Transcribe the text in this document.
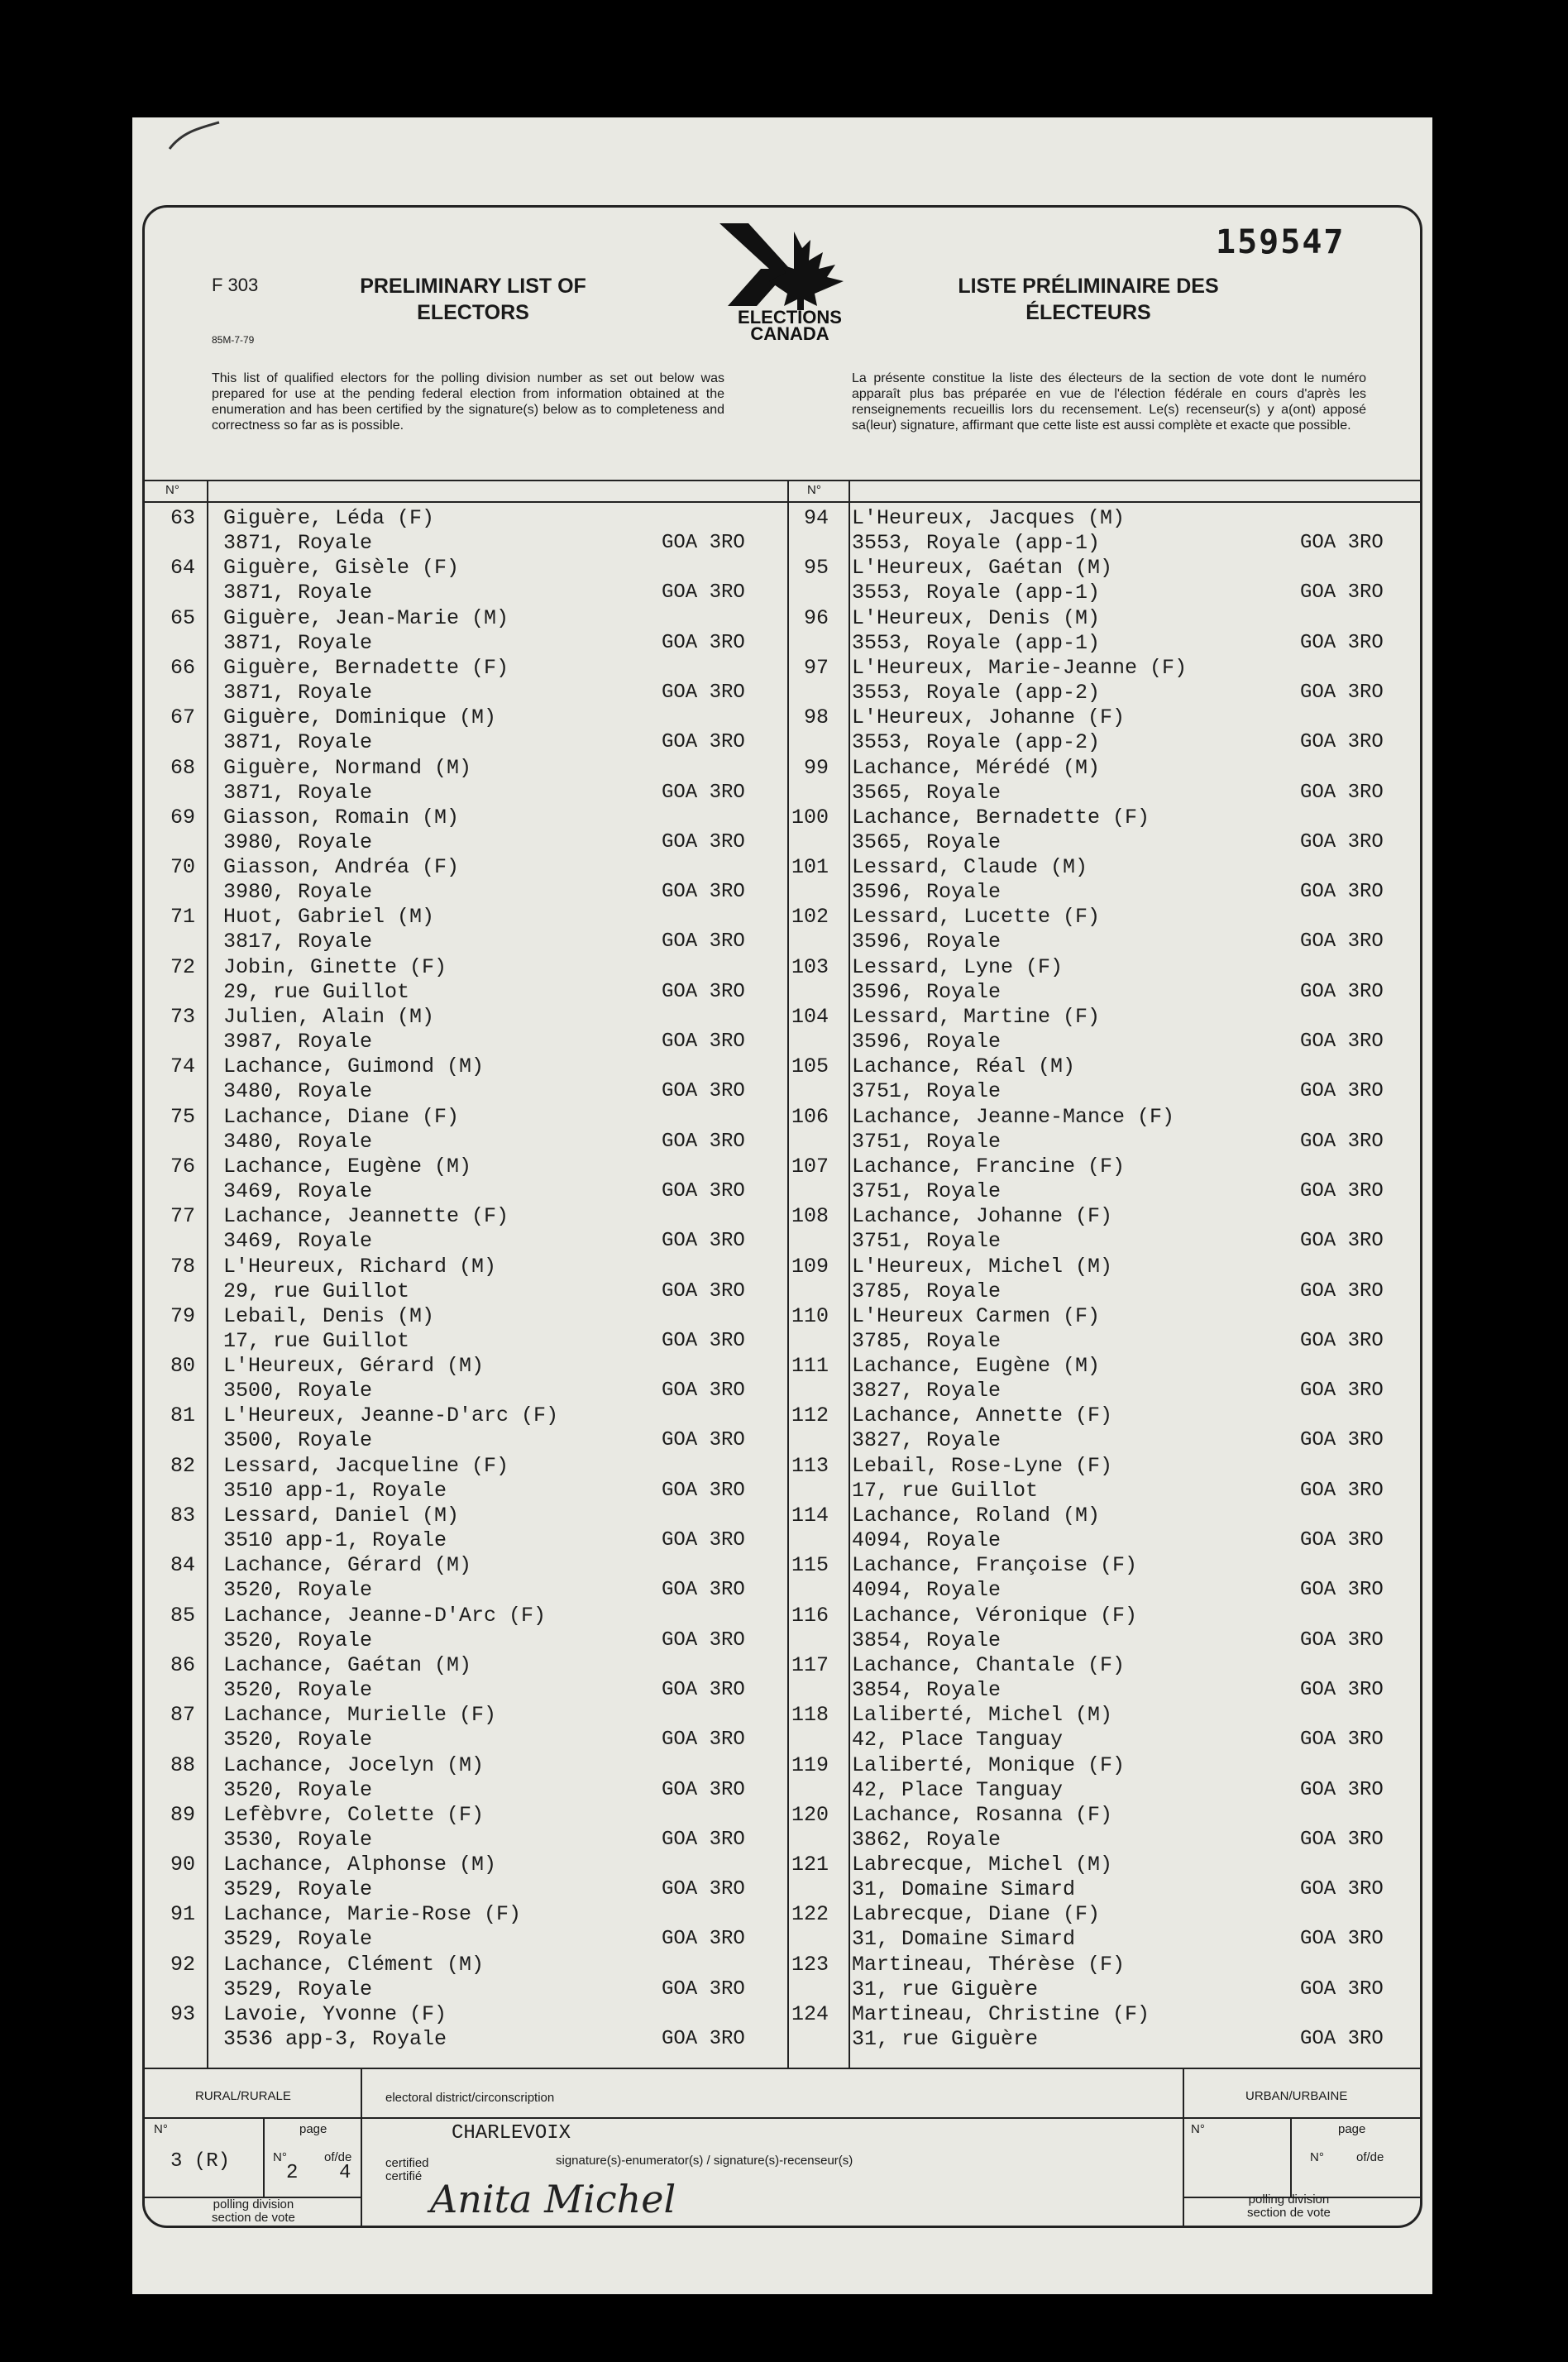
F 303
85M-7-79
PRELIMINARY LIST OF
ELECTORS
LISTE PRÉLIMINAIRE DES
ÉLECTEURS
159547
ELECTIONS
CANADA
This list of qualified electors for the polling division number as set out below was prepared for use at the pending federal election from information obtained at the enumeration and has been certified by the signature(s) below as to completeness and correctness so far as is possible.
La présente constitue la liste des électeurs de la section de vote dont le numéro apparaît plus bas préparée en vue de l'élection fédérale en cours d'après les renseignements recueillis lors du recensement. Le(s) recenseur(s) y a(ont) apposé sa(leur) signature, affirmant que cette liste est aussi complète et exacte que possible.
N°	N°
63 Giguère, Léda (F)
3871, Royale	GOA 3RO
64 Giguère, Gisèle (F)
3871, Royale	GOA 3RO
65 Giguère, Jean-Marie (M)
3871, Royale	GOA 3RO
66 Giguère, Bernadette (F)
3871, Royale	GOA 3RO
67 Giguère, Dominique (M)
3871, Royale	GOA 3RO
68 Giguère, Normand (M)
3871, Royale	GOA 3RO
69 Giasson, Romain (M)
3980, Royale	GOA 3RO
70 Giasson, Andréa (F)
3980, Royale	GOA 3RO
71 Huot, Gabriel (M)
3817, Royale	GOA 3RO
72 Jobin, Ginette (F)
29, rue Guillot	GOA 3RO
73 Julien, Alain (M)
3987, Royale	GOA 3RO
74 Lachance, Guimond (M)
3480, Royale	GOA 3RO
75 Lachance, Diane (F)
3480, Royale	GOA 3RO
76 Lachance, Eugène (M)
3469, Royale	GOA 3RO
77 Lachance, Jeannette (F)
3469, Royale	GOA 3RO
78 L'Heureux, Richard (M)
29, rue Guillot	GOA 3RO
79 Lebail, Denis (M)
17, rue Guillot	GOA 3RO
80 L'Heureux, Gérard (M)
3500, Royale	GOA 3RO
81 L'Heureux, Jeanne-D'arc (F)
3500, Royale	GOA 3RO
82 Lessard, Jacqueline (F)
3510 app-1, Royale	GOA 3RO
83 Lessard, Daniel (M)
3510 app-1, Royale	GOA 3RO
84 Lachance, Gérard (M)
3520, Royale	GOA 3RO
85 Lachance, Jeanne-D'Arc (F)
3520, Royale	GOA 3RO
86 Lachance, Gaétan (M)
3520, Royale	GOA 3RO
87 Lachance, Murielle (F)
3520, Royale	GOA 3RO
88 Lachance, Jocelyn (M)
3520, Royale	GOA 3RO
89 Lefèbvre, Colette (F)
3530, Royale	GOA 3RO
90 Lachance, Alphonse (M)
3529, Royale	GOA 3RO
91 Lachance, Marie-Rose (F)
3529, Royale	GOA 3RO
92 Lachance, Clément (M)
3529, Royale	GOA 3RO
93 Lavoie, Yvonne (F)
3536 app-3, Royale	GOA 3RO
94 L'Heureux, Jacques (M)
3553, Royale (app-1)	GOA 3RO
95 L'Heureux, Gaétan (M)
3553, Royale (app-1)	GOA 3RO
96 L'Heureux, Denis (M)
3553, Royale (app-1)	GOA 3RO
97 L'Heureux, Marie-Jeanne (F)
3553, Royale (app-2)	GOA 3RO
98 L'Heureux, Johanne (F)
3553, Royale (app-2)	GOA 3RO
99 Lachance, Mérédé (M)
3565, Royale	GOA 3RO
100 Lachance, Bernadette (F)
3565, Royale	GOA 3RO
101 Lessard, Claude (M)
3596, Royale	GOA 3RO
102 Lessard, Lucette (F)
3596, Royale	GOA 3RO
103 Lessard, Lyne (F)
3596, Royale	GOA 3RO
104 Lessard, Martine (F)
3596, Royale	GOA 3RO
105 Lachance, Réal (M)
3751, Royale	GOA 3RO
106 Lachance, Jeanne-Mance (F)
3751, Royale	GOA 3RO
107 Lachance, Francine (F)
3751, Royale	GOA 3RO
108 Lachance, Johanne (F)
3751, Royale	GOA 3RO
109 L'Heureux, Michel (M)
3785, Royale	GOA 3RO
110 L'Heureux Carmen (F)
3785, Royale	GOA 3RO
111 Lachance, Eugène (M)
3827, Royale	GOA 3RO
112 Lachance, Annette (F)
3827, Royale	GOA 3RO
113 Lebail, Rose-Lyne (F)
17, rue Guillot	GOA 3RO
114 Lachance, Roland (M)
4094, Royale	GOA 3RO
115 Lachance, Françoise (F)
4094, Royale	GOA 3RO
116 Lachance, Véronique (F)
3854, Royale	GOA 3RO
117 Lachance, Chantale (F)
3854, Royale	GOA 3RO
118 Laliberté, Michel (M)
42, Place Tanguay	GOA 3RO
119 Laliberté, Monique (F)
42, Place Tanguay	GOA 3RO
120 Lachance, Rosanna (F)
3862, Royale	GOA 3RO
121 Labrecque, Michel (M)
31, Domaine Simard	GOA 3RO
122 Labrecque, Diane (F)
31, Domaine Simard	GOA 3RO
123 Martineau, Thérèse (F)
31, rue Giguère	GOA 3RO
124 Martineau, Christine (F)
31, rue Giguère	GOA 3RO
RURAL/RURALE	URBAN/URBAINE
N°	page
N°	of/de
3 (R)
2 4
polling division
section de vote
electoral district/circonscription
CHARLEVOIX
certified
certifié
signature(s)-enumerator(s) / signature(s)-recenseur(s)
Anita Michel
N°	page
N°	of/de
polling division
section de vote
